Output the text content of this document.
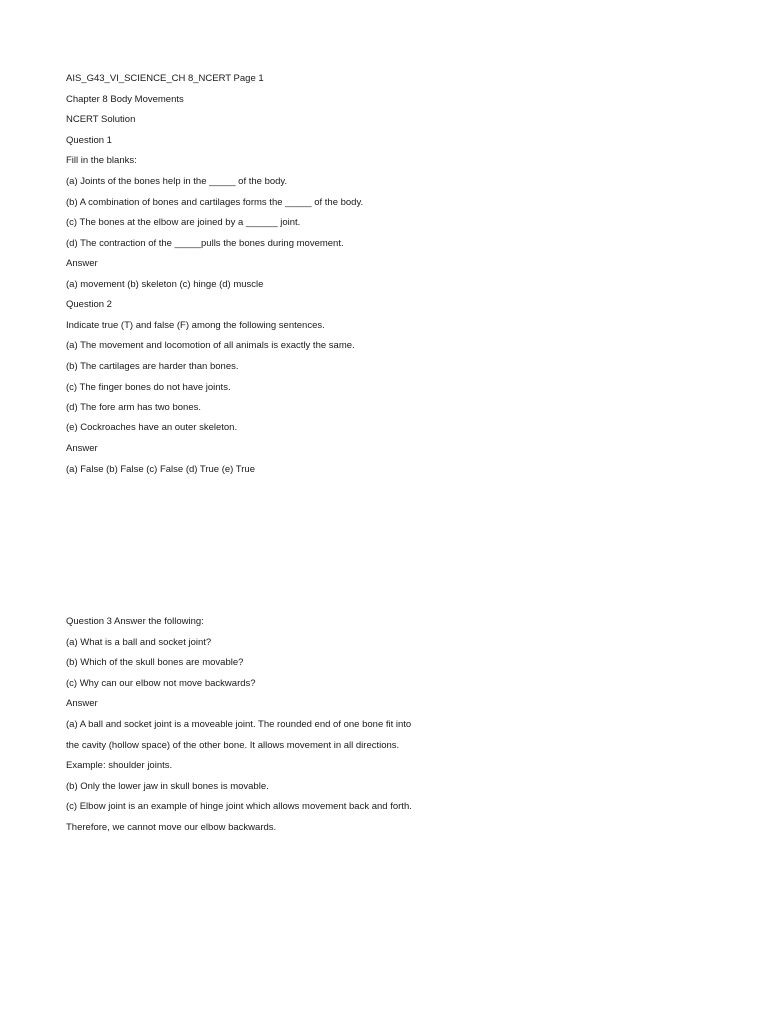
AIS_G43_VI_SCIENCE_CH 8_NCERT Page 1
Chapter 8 Body Movements
NCERT Solution
Question 1
Fill in the blanks:
(a) Joints of the bones help in the _____ of the body.
(b) A combination of bones and cartilages forms the _____ of the body.
(c) The bones at the elbow are joined by a ______ joint.
(d) The contraction of the _____pulls the bones during movement.
Answer
(a) movement (b) skeleton (c) hinge (d) muscle
Question 2
Indicate true (T) and false (F) among the following sentences.
(a) The movement and locomotion of all animals is exactly the same.
(b) The cartilages are harder than bones.
(c) The finger bones do not have joints.
(d) The fore arm has two bones.
(e) Cockroaches have an outer skeleton.
Answer
(a) False (b) False (c) False (d) True (e) True
Question 3 Answer the following:
(a) What is a ball and socket joint?
(b) Which of the skull bones are movable?
(c) Why can our elbow not move backwards?
Answer
(a) A ball and socket joint is a moveable joint. The rounded end of one bone fit into
the cavity (hollow space) of the other bone. It allows movement in all directions.
Example: shoulder joints.
(b) Only the lower jaw in skull bones is movable.
(c) Elbow joint is an example of hinge joint which allows movement back and forth.
Therefore, we cannot move our elbow backwards.
